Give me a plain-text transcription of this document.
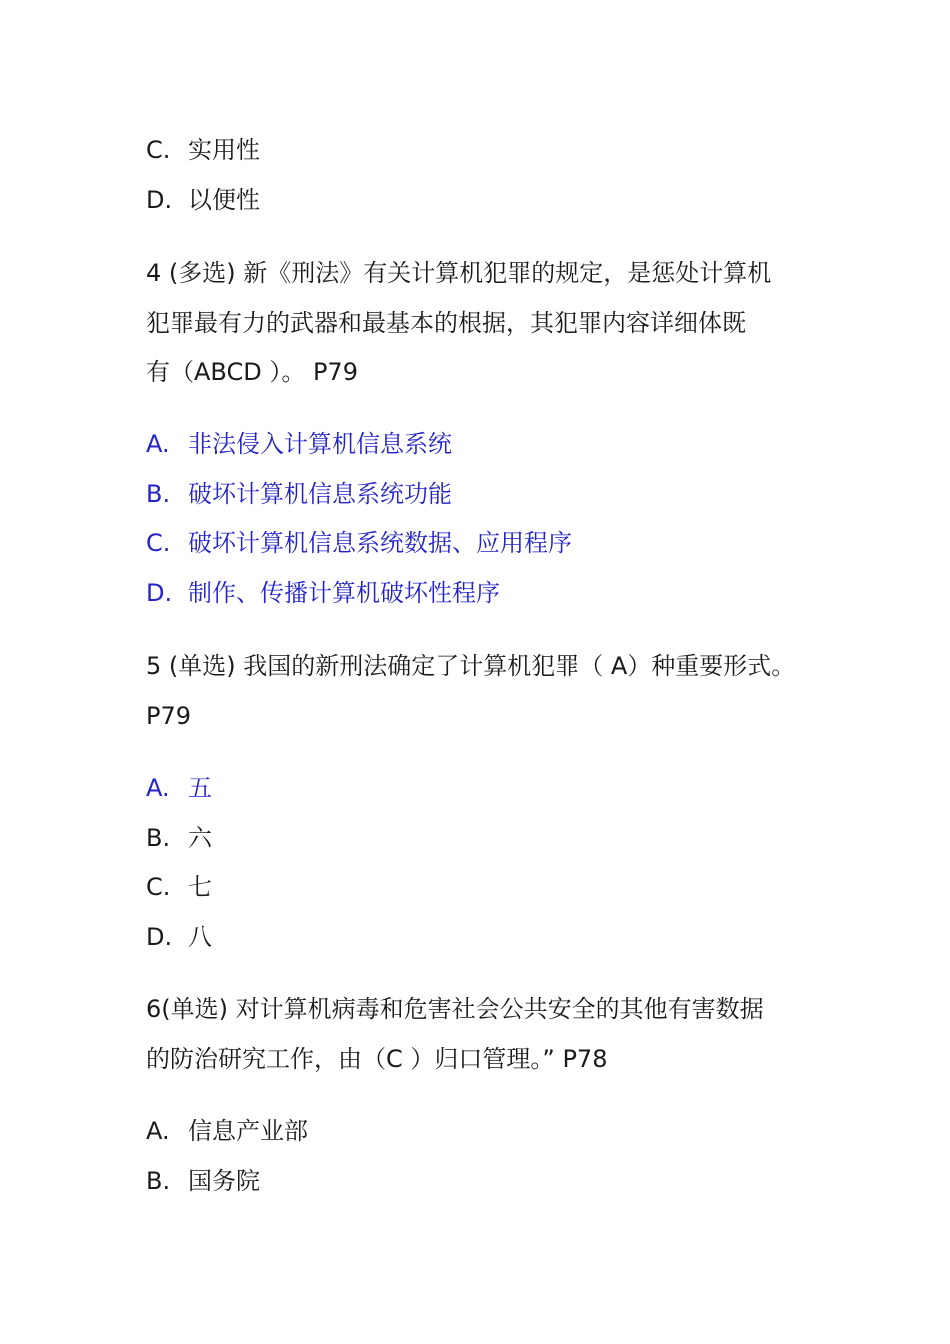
C. 实用性
D. 以便性
4 (多选) 新《刑法》有关计算机犯罪的规定，是惩处计算机
犯罪最有力的武器和最基本的根据，其犯罪内容详细体既
有（ABCD ）。 P79
A. 非法侵入计算机信息系统
B. 破坏计算机信息系统功能
C. 破坏计算机信息系统数据、应用程序
D. 制作、传播计算机破坏性程序
5 (单选) 我国的新刑法确定了计算机犯罪（ A）种重要形式。
P79
A. 五
B. 六
C. 七
D. 八
6(单选) 对计算机病毒和危害社会公共安全的其他有害数据
的防治研究工作，由（C ）归口管理。” P78
A. 信息产业部
B. 国务院
